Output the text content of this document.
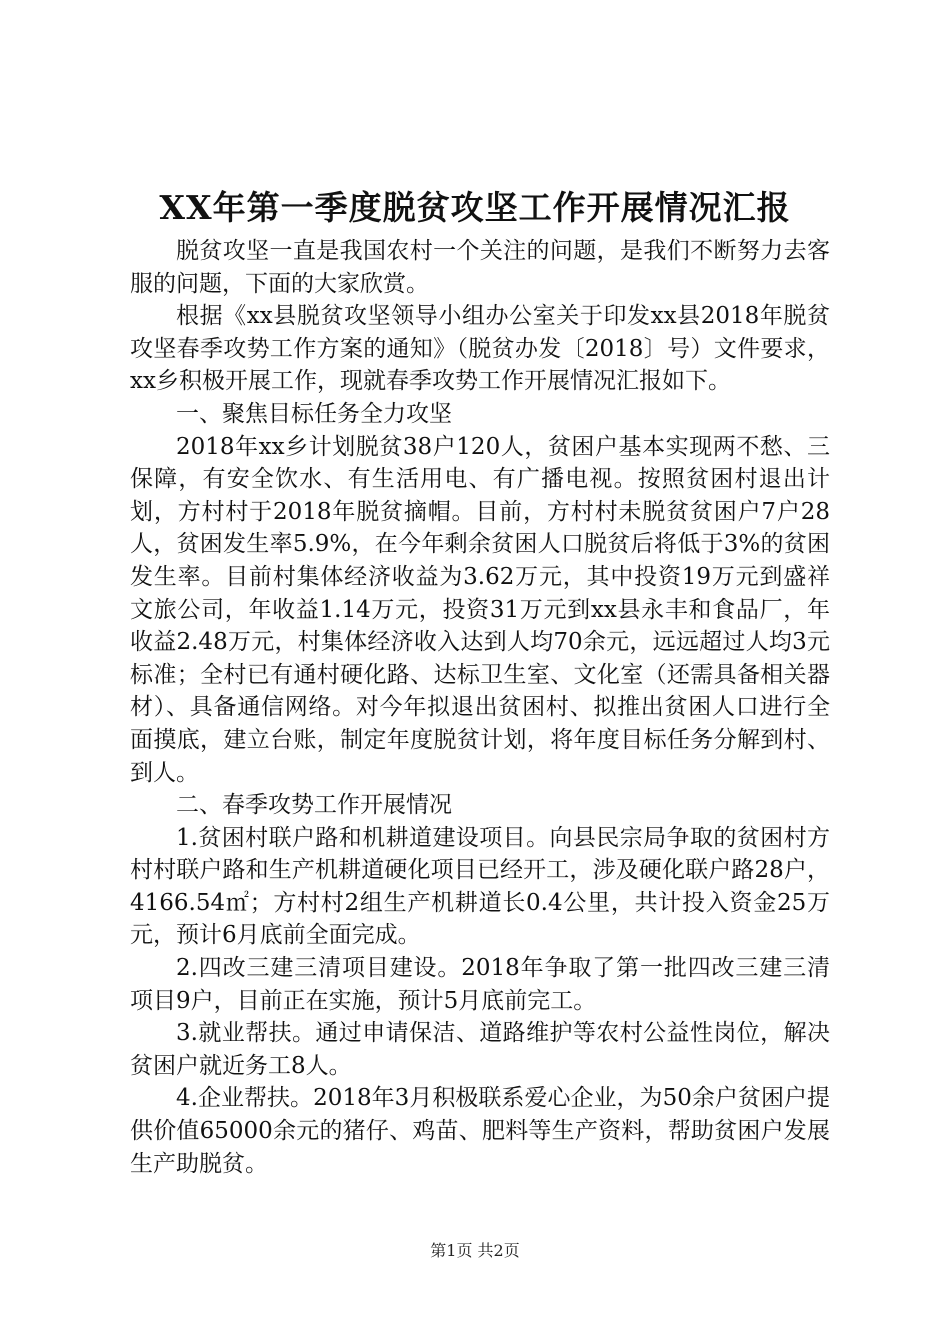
XX年第一季度脱贫攻坚工作开展情况汇报

脱贫攻坚一直是我国农村一个关注的问题，是我们不断努力去客服的问题，下面的大家欣赏。

根据《xx县脱贫攻坚领导小组办公室关于印发xx县2018年脱贫攻坚春季攻势工作方案的通知》（脱贫办发〔2018〕号）文件要求，xx乡积极开展工作，现就春季攻势工作开展情况汇报如下。

一、聚焦目标任务全力攻坚

2018年xx乡计划脱贫38户120人，贫困户基本实现两不愁、三保障，有安全饮水、有生活用电、有广播电视。按照贫困村退出计划，方村村于2018年脱贫摘帽。目前，方村村未脱贫贫困户7户28人，贫困发生率5.9%，在今年剩余贫困人口脱贫后将低于3%的贫困发生率。目前村集体经济收益为3.62万元，其中投资19万元到盛祥文旅公司，年收益1.14万元，投资31万元到xx县永丰和食品厂，年收益2.48万元，村集体经济收入达到人均70余元，远远超过人均3元标准；全村已有通村硬化路、达标卫生室、文化室（还需具备相关器材）、具备通信网络。对今年拟退出贫困村、拟推出贫困人口进行全面摸底，建立台账，制定年度脱贫计划，将年度目标任务分解到村、到人。

二、春季攻势工作开展情况

1.贫困村联户路和机耕道建设项目。向县民宗局争取的贫困村方村村联户路和生产机耕道硬化项目已经开工，涉及硬化联户路28户，4166.54㎡；方村村2组生产机耕道长0.4公里，共计投入资金25万元，预计6月底前全面完成。

2.四改三建三清项目建设。2018年争取了第一批四改三建三清项目9户，目前正在实施，预计5月底前完工。

3.就业帮扶。通过申请保洁、道路维护等农村公益性岗位，解决贫困户就近务工8人。

4.企业帮扶。2018年3月积极联系爱心企业，为50余户贫困户提供价值65000余元的猪仔、鸡苗、肥料等生产资料，帮助贫困户发展生产助脱贫。

第1页 共2页
